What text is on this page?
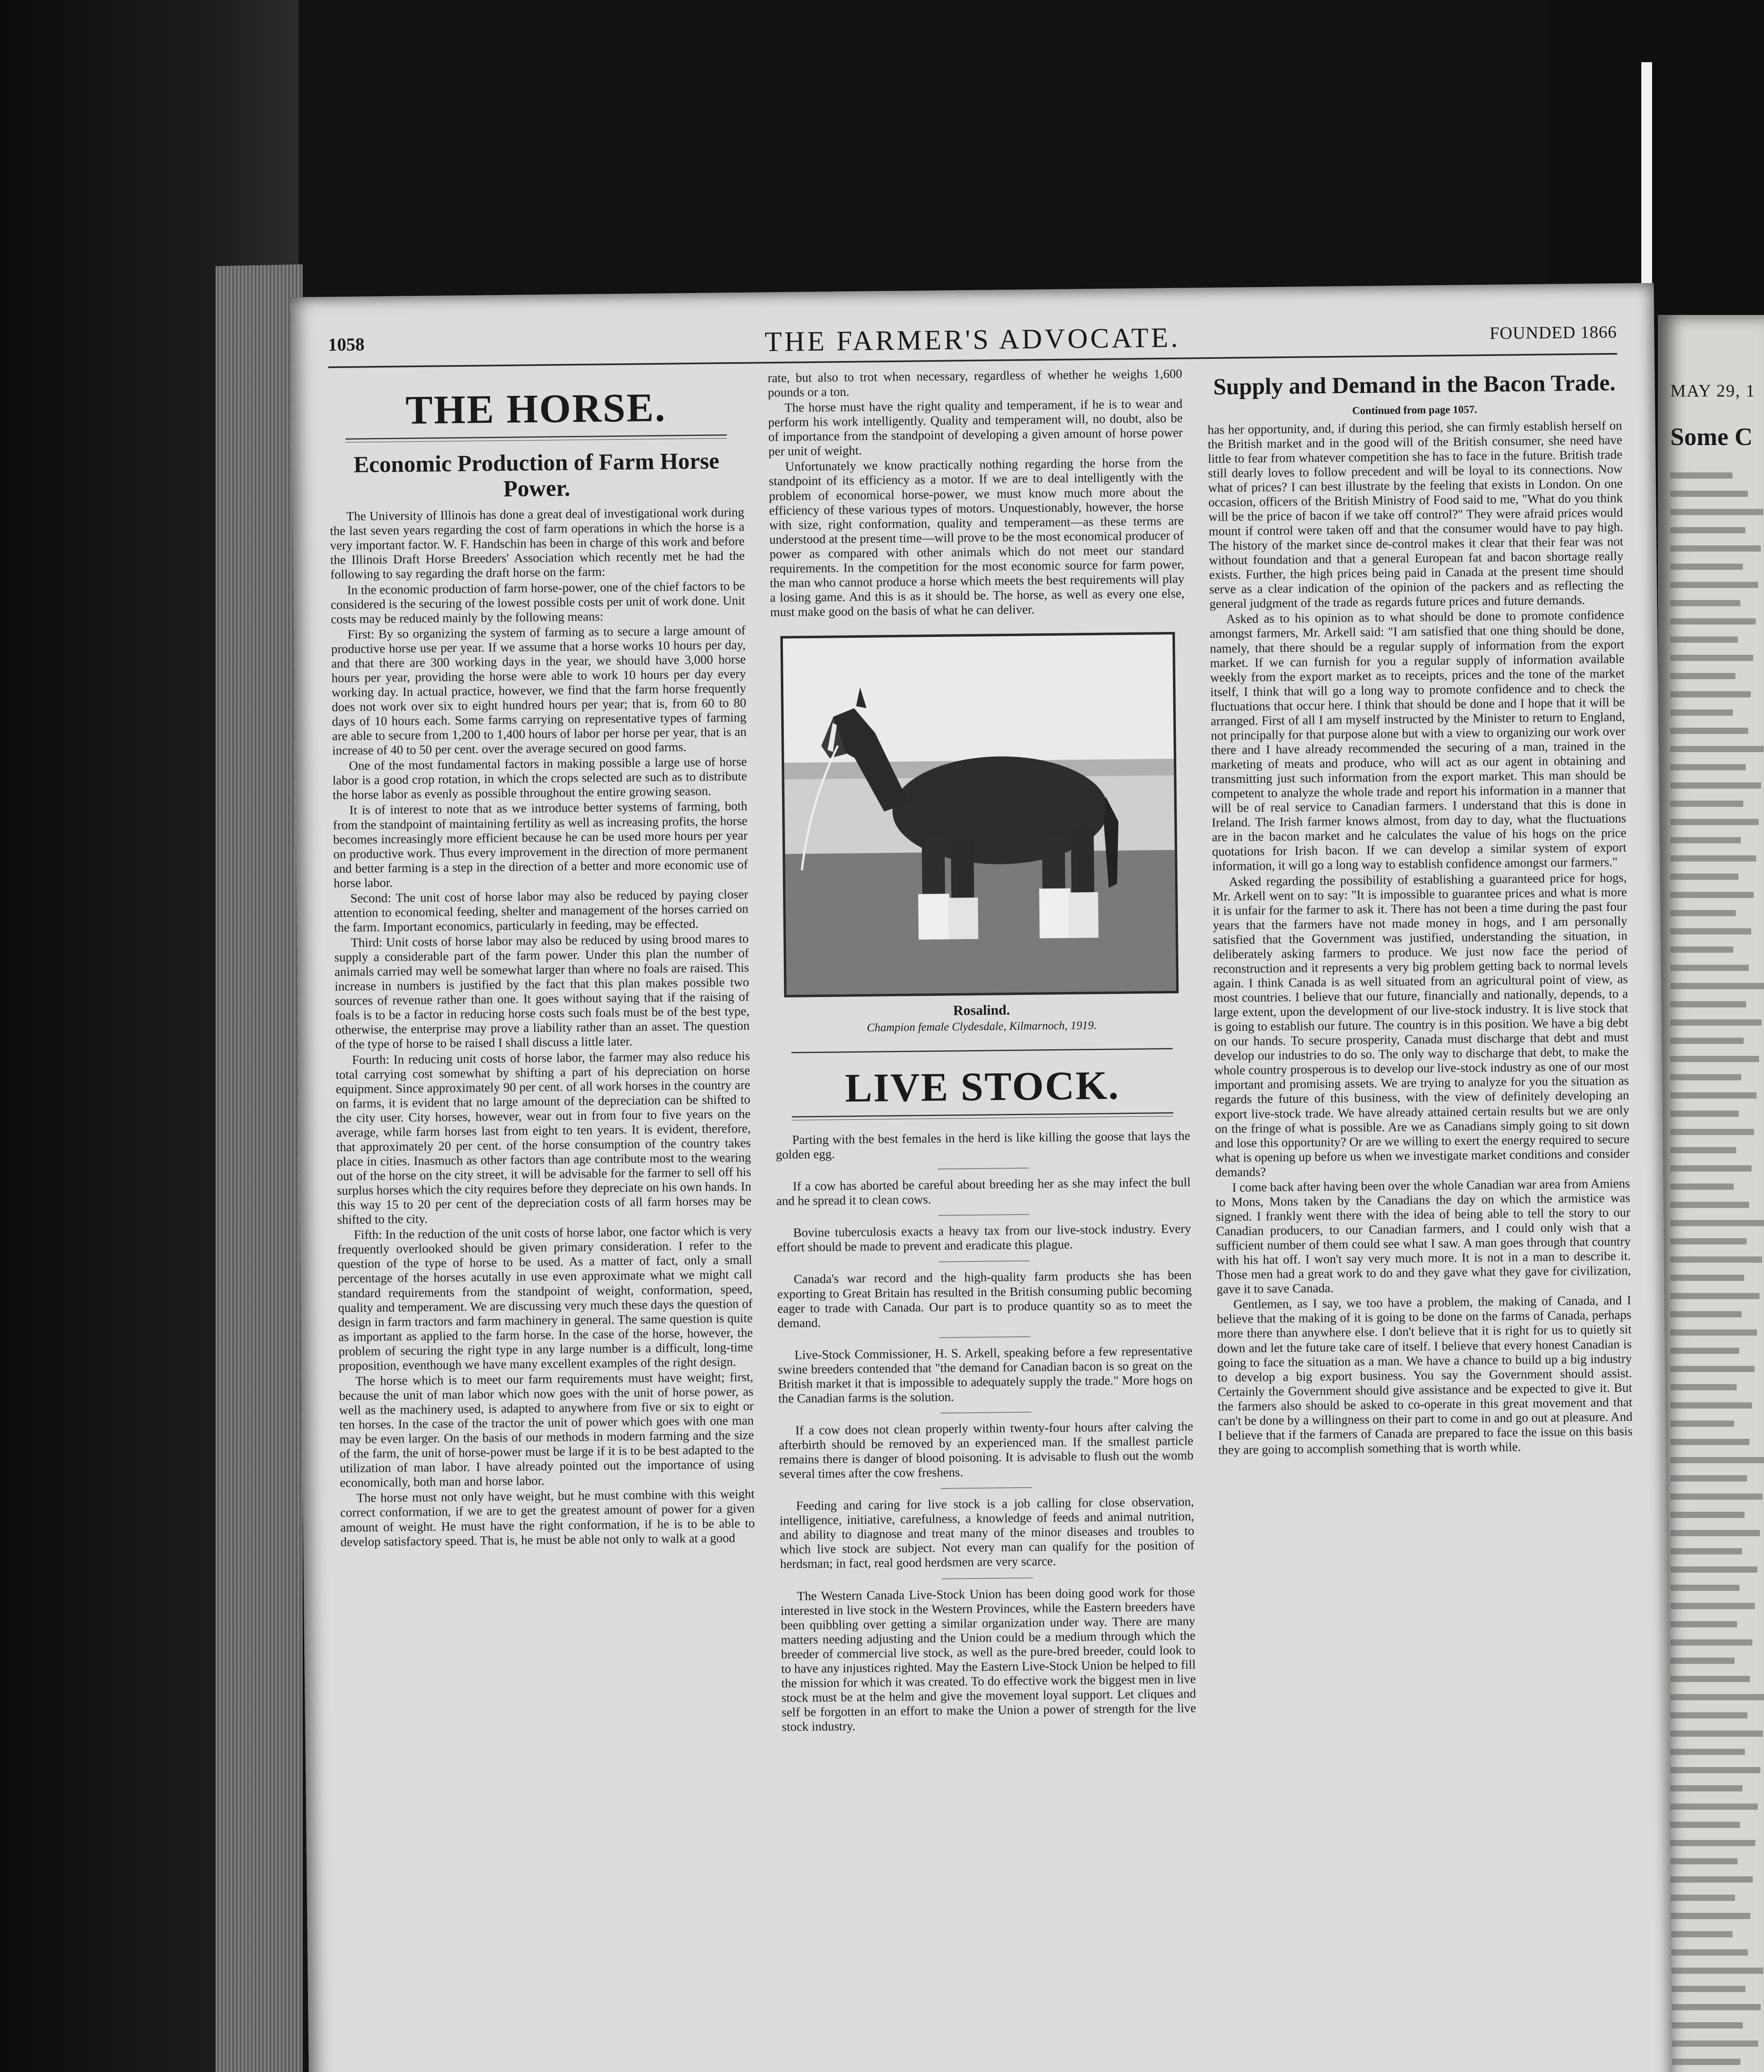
MAY 29, 1
Some C
1058	THE FARMER'S ADVOCATE.	FOUNDED 1866
THE HORSE.
Economic Production of Farm Horse Power.

The University of Illinois has done a great deal of investigational work during the last seven years regarding the cost of farm operations in which the horse is a very important factor. W. F. Handschin has been in charge of this work and before the Illinois Draft Horse Breeders' Association which recently met he had the following to say regarding the draft horse on the farm:

In the economic production of farm horse-power, one of the chief factors to be considered is the securing of the lowest possible costs per unit of work done. Unit costs may be reduced mainly by the following means:

First: By so organizing the system of farming as to secure a large amount of productive horse use per year. If we assume that a horse works 10 hours per day, and that there are 300 working days in the year, we should have 3,000 horse hours per year, providing the horse were able to work 10 hours per day every working day. In actual practice, however, we find that the farm horse frequently does not work over six to eight hundred hours per year; that is, from 60 to 80 days of 10 hours each. Some farms carrying on representative types of farming are able to secure from 1,200 to 1,400 hours of labor per horse per year, that is an increase of 40 to 50 per cent. over the average secured on good farms.

One of the most fundamental factors in making possible a large use of horse labor is a good crop rotation, in which the crops selected are such as to distribute the horse labor as evenly as possible throughout the entire growing season.

It is of interest to note that as we introduce better systems of farming, both from the standpoint of maintaining fertility as well as increasing profits, the horse becomes increasingly more efficient because he can be used more hours per year on productive work. Thus every improvement in the direction of more permanent and better farming is a step in the direction of a better and more economic use of horse labor.

Second: The unit cost of horse labor may also be reduced by paying closer attention to economical feeding, shelter and management of the horses carried on the farm. Important economics, particularly in feeding, may be effected.

Third: Unit costs of horse labor may also be reduced by using brood mares to supply a considerable part of the farm power. Under this plan the number of animals carried may well be somewhat larger than where no foals are raised. This increase in numbers is justified by the fact that this plan makes possible two sources of revenue rather than one. It goes without saying that if the raising of foals is to be a factor in reducing horse costs such foals must be of the best type, otherwise, the enterprise may prove a liability rather than an asset. The question of the type of horse to be raised I shall discuss a little later.

Fourth: In reducing unit costs of horse labor, the farmer may also reduce his total carrying cost somewhat by shifting a part of his depreciation on horse equipment. Since approximately 90 per cent. of all work horses in the country are on farms, it is evident that no large amount of the depreciation can be shifted to the city user. City horses, however, wear out in from four to five years on the average, while farm horses last from eight to ten years. It is evident, therefore, that approximately 20 per cent. of the horse consumption of the country takes place in cities. Inasmuch as other factors than age contribute most to the wearing out of the horse on the city street, it will be advisable for the farmer to sell off his surplus horses which the city requires before they depreciate on his own hands. In this way 15 to 20 per cent of the depreciation costs of all farm horses may be shifted to the city.

Fifth: In the reduction of the unit costs of horse labor, one factor which is very frequently overlooked should be given primary consideration. I refer to the question of the type of horse to be used. As a matter of fact, only a small percentage of the horses acutally in use even approximate what we might call standard requirements from the standpoint of weight, conformation, speed, quality and temperament. We are discussing very much these days the question of design in farm tractors and farm machinery in general. The same question is quite as important as applied to the farm horse. In the case of the horse, however, the problem of securing the right type in any large number is a difficult, long-time proposition, eventhough we have many excellent examples of the right design.

The horse which is to meet our farm requirements must have weight; first, because the unit of man labor which now goes with the unit of horse power, as well as the machinery used, is adapted to anywhere from five or six to eight or ten horses. In the case of the tractor the unit of power which goes with one man may be even larger. On the basis of our methods in modern farming and the size of the farm, the unit of horse-power must be large if it is to be best adapted to the utilization of man labor. I have already pointed out the importance of using economically, both man and horse labor.

The horse must not only have weight, but he must combine with this weight correct conformation, if we are to get the greatest amount of power for a given amount of weight. He must have the right conformation, if he is to be able to develop satisfactory speed. That is, he must be able not only to walk at a good

rate, but also to trot when necessary, regardless of whether he weighs 1,600 pounds or a ton.

The horse must have the right quality and temperament, if he is to wear and perform his work intelligently. Quality and temperament will, no doubt, also be of importance from the standpoint of developing a given amount of horse power per unit of weight.

Unfortunately we know practically nothing regarding the horse from the standpoint of its efficiency as a motor. If we are to deal intelligently with the problem of economical horse-power, we must know much more about the efficiency of these various types of motors. Unquestionably, however, the horse with size, right conformation, quality and temperament—as these terms are understood at the present time—will prove to be the most economical producer of power as compared with other animals which do not meet our standard requirements. In the competition for the most economic source for farm power, the man who cannot produce a horse which meets the best requirements will play a losing game. And this is as it should be. The horse, as well as every one else, must make good on the basis of what he can deliver.

Rosalind.
Champion female Clydesdale, Kilmarnoch, 1919.
LIVE STOCK.

Parting with the best females in the herd is like killing the goose that lays the golden egg.

If a cow has aborted be careful about breeding her as she may infect the bull and he spread it to clean cows.

Bovine tuberculosis exacts a heavy tax from our live-stock industry. Every effort should be made to prevent and eradicate this plague.

Canada's war record and the high-quality farm products she has been exporting to Great Britain has resulted in the British consuming public becoming eager to trade with Canada. Our part is to produce quantity so as to meet the demand.

Live-Stock Commissioner, H. S. Arkell, speaking before a few representative swine breeders contended that "the demand for Canadian bacon is so great on the British market it that is impossible to adequately supply the trade." More hogs on the Canadian farms is the solution.

If a cow does not clean properly within twenty-four hours after calving the afterbirth should be removed by an experienced man. If the smallest particle remains there is danger of blood poisoning. It is advisable to flush out the womb several times after the cow freshens.

Feeding and caring for live stock is a job calling for close observation, intelligence, initiative, carefulness, a knowledge of feeds and animal nutrition, and ability to diagnose and treat many of the minor diseases and troubles to which live stock are subject. Not every man can qualify for the position of herdsman; in fact, real good herdsmen are very scarce.

The Western Canada Live-Stock Union has been doing good work for those interested in live stock in the Western Provinces, while the Eastern breeders have been quibbling over getting a similar organization under way. There are many matters needing adjusting and the Union could be a medium through which the breeder of commercial live stock, as well as the pure-bred breeder, could look to to have any injustices righted. May the Eastern Live-Stock Union be helped to fill the mission for which it was created. To do effective work the biggest men in live stock must be at the helm and give the movement loyal support. Let cliques and self be forgotten in an effort to make the Union a power of strength for the live stock industry.

Supply and Demand in the Bacon Trade.
Continued from page 1057.

has her opportunity, and, if during this period, she can firmly establish herself on the British market and in the good will of the British consumer, she need have little to fear from whatever competition she has to face in the future. British trade still dearly loves to follow precedent and will be loyal to its connections. Now what of prices? I can best illustrate by the feeling that exists in London. On one occasion, officers of the British Ministry of Food said to me, "What do you think will be the price of bacon if we take off control?" They were afraid prices would mount if control were taken off and that the consumer would have to pay high. The history of the market since de-control makes it clear that their fear was not without foundation and that a general European fat and bacon shortage really exists. Further, the high prices being paid in Canada at the present time should serve as a clear indication of the opinion of the packers and as reflecting the general judgment of the trade as regards future prices and future demands.

Asked as to his opinion as to what should be done to promote confidence amongst farmers, Mr. Arkell said: "I am satisfied that one thing should be done, namely, that there should be a regular supply of information from the export market. If we can furnish for you a regular supply of information available weekly from the export market as to receipts, prices and the tone of the market itself, I think that will go a long way to promote confidence and to check the fluctuations that occur here. I think that should be done and I hope that it will be arranged. First of all I am myself instructed by the Minister to return to England, not principally for that purpose alone but with a view to organizing our work over there and I have already recommended the securing of a man, trained in the marketing of meats and produce, who will act as our agent in obtaining and transmitting just such information from the export market. This man should be competent to analyze the whole trade and report his information in a manner that will be of real service to Canadian farmers. I understand that this is done in Ireland. The Irish farmer knows almost, from day to day, what the fluctuations are in the bacon market and he calculates the value of his hogs on the price quotations for Irish bacon. If we can develop a similar system of export information, it will go a long way to establish confidence amongst our farmers."

Asked regarding the possibility of establishing a guaranteed price for hogs, Mr. Arkell went on to say: "It is impossible to guarantee prices and what is more it is unfair for the farmer to ask it. There has not been a time during the past four years that the farmers have not made money in hogs, and I am personally satisfied that the Government was justified, understanding the situation, in deliberately asking farmers to produce. We just now face the period of reconstruction and it represents a very big problem getting back to normal levels again. I think Canada is as well situated from an agricultural point of view, as most countries. I believe that our future, financially and nationally, depends, to a large extent, upon the development of our live-stock industry. It is live stock that is going to establish our future. The country is in this position. We have a big debt on our hands. To secure prosperity, Canada must discharge that debt and must develop our industries to do so. The only way to discharge that debt, to make the whole country prosperous is to develop our live-stock industry as one of our most important and promising assets. We are trying to analyze for you the situation as regards the future of this business, with the view of definitely developing an export live-stock trade. We have already attained certain results but we are only on the fringe of what is possible. Are we as Canadians simply going to sit down and lose this opportunity? Or are we willing to exert the energy required to secure what is opening up before us when we investigate market conditions and consider demands?

I come back after having been over the whole Canadian war area from Amiens to Mons, Mons taken by the Canadians the day on which the armistice was signed. I frankly went there with the idea of being able to tell the story to our Canadian producers, to our Canadian farmers, and I could only wish that a sufficient number of them could see what I saw. A man goes through that country with his hat off. I won't say very much more. It is not in a man to describe it. Those men had a great work to do and they gave what they gave for civilization, gave it to save Canada.

Gentlemen, as I say, we too have a problem, the making of Canada, and I believe that the making of it is going to be done on the farms of Canada, perhaps more there than anywhere else. I don't believe that it is right for us to quietly sit down and let the future take care of itself. I believe that every honest Canadian is going to face the situation as a man. We have a chance to build up a big industry to develop a big export business. You say the Government should assist. Certainly the Government should give assistance and be expected to give it. But the farmers also should be asked to co-operate in this great movement and that can't be done by a willingness on their part to come in and go out at pleasure. And I believe that if the farmers of Canada are prepared to face the issue on this basis they are going to accomplish something that is worth while.
